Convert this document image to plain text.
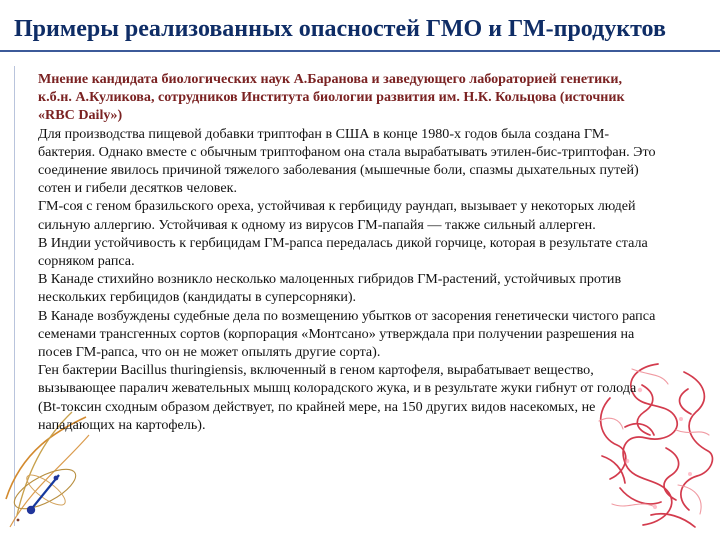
Примеры реализованных опасностей ГМО и ГМ-продуктов

Мнение кандидата биологических наук А.Баранова и заведующего лабораторией генетики, к.б.н. А.Куликова, сотрудников Института биологии развития им. Н.К. Кольцова (источник «RBC Daily»)

Для производства пищевой добавки триптофан в США в конце 1980-х годов была создана ГМ-бактерия. Однако вместе с обычным триптофаном она стала вырабатывать этилен-бис-триптофан. Это соединение явилось причиной тяжелого заболевания (мышечные боли, спазмы дыхательных путей) сотен и гибели десятков человек.

ГМ-соя с геном бразильского ореха, устойчивая к гербициду раундап, вызывает у некоторых людей сильную аллергию. Устойчивая к одному из вирусов ГМ-папайя — также сильный аллерген.

В Индии устойчивость к гербицидам ГМ-рапса передалась дикой горчице, которая в результате стала сорняком рапса.

В Канаде стихийно возникло несколько малоценных гибридов ГМ-растений, устойчивых против нескольких гербицидов (кандидаты в суперсорняки).

В Канаде возбуждены судебные дела по возмещению убытков от засорения генетически чистого рапса семенами трансгенных сортов (корпорация «Монтсано» утверждала при получении разрешения на посев ГМ-рапса, что он не может опылять другие сорта).

Ген бактерии Bacillus thuringiensis, включенный в геном картофеля, вырабатывает вещество, вызывающее паралич жевательных мышц колорадского жука, и в результате жуки гибнут от голода (Bt-токсин сходным образом действует, по крайней мере, на 150 других видов насекомых, не нападающих на картофель).
